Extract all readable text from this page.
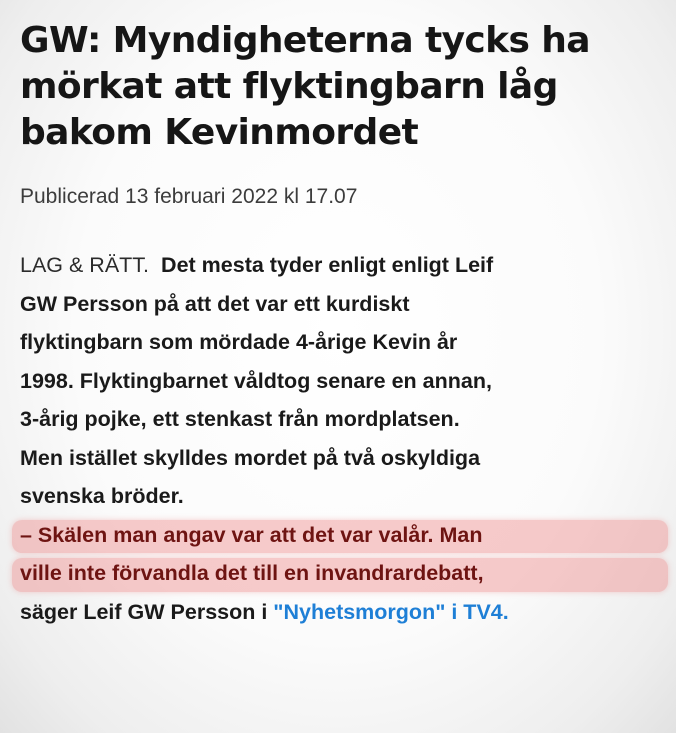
GW: Myndigheterna tycks ha
mörkat att flyktingbarn låg
bakom Kevinmordet
Publicerad 13 februari 2022 kl 17.07
LAG & RÄTT. Det mesta tyder enligt enligt Leif
GW Persson på att det var ett kurdiskt
flyktingbarn som mördade 4-årige Kevin år
1998. Flyktingbarnet våldtog senare en annan,
3-årig pojke, ett stenkast från mordplatsen.
Men istället skylldes mordet på två oskyldiga
svenska bröder.
– Skälen man angav var att det var valår. Man
ville inte förvandla det till en invandrardebatt,
säger Leif GW Persson i "Nyhetsmorgon" i TV4.
